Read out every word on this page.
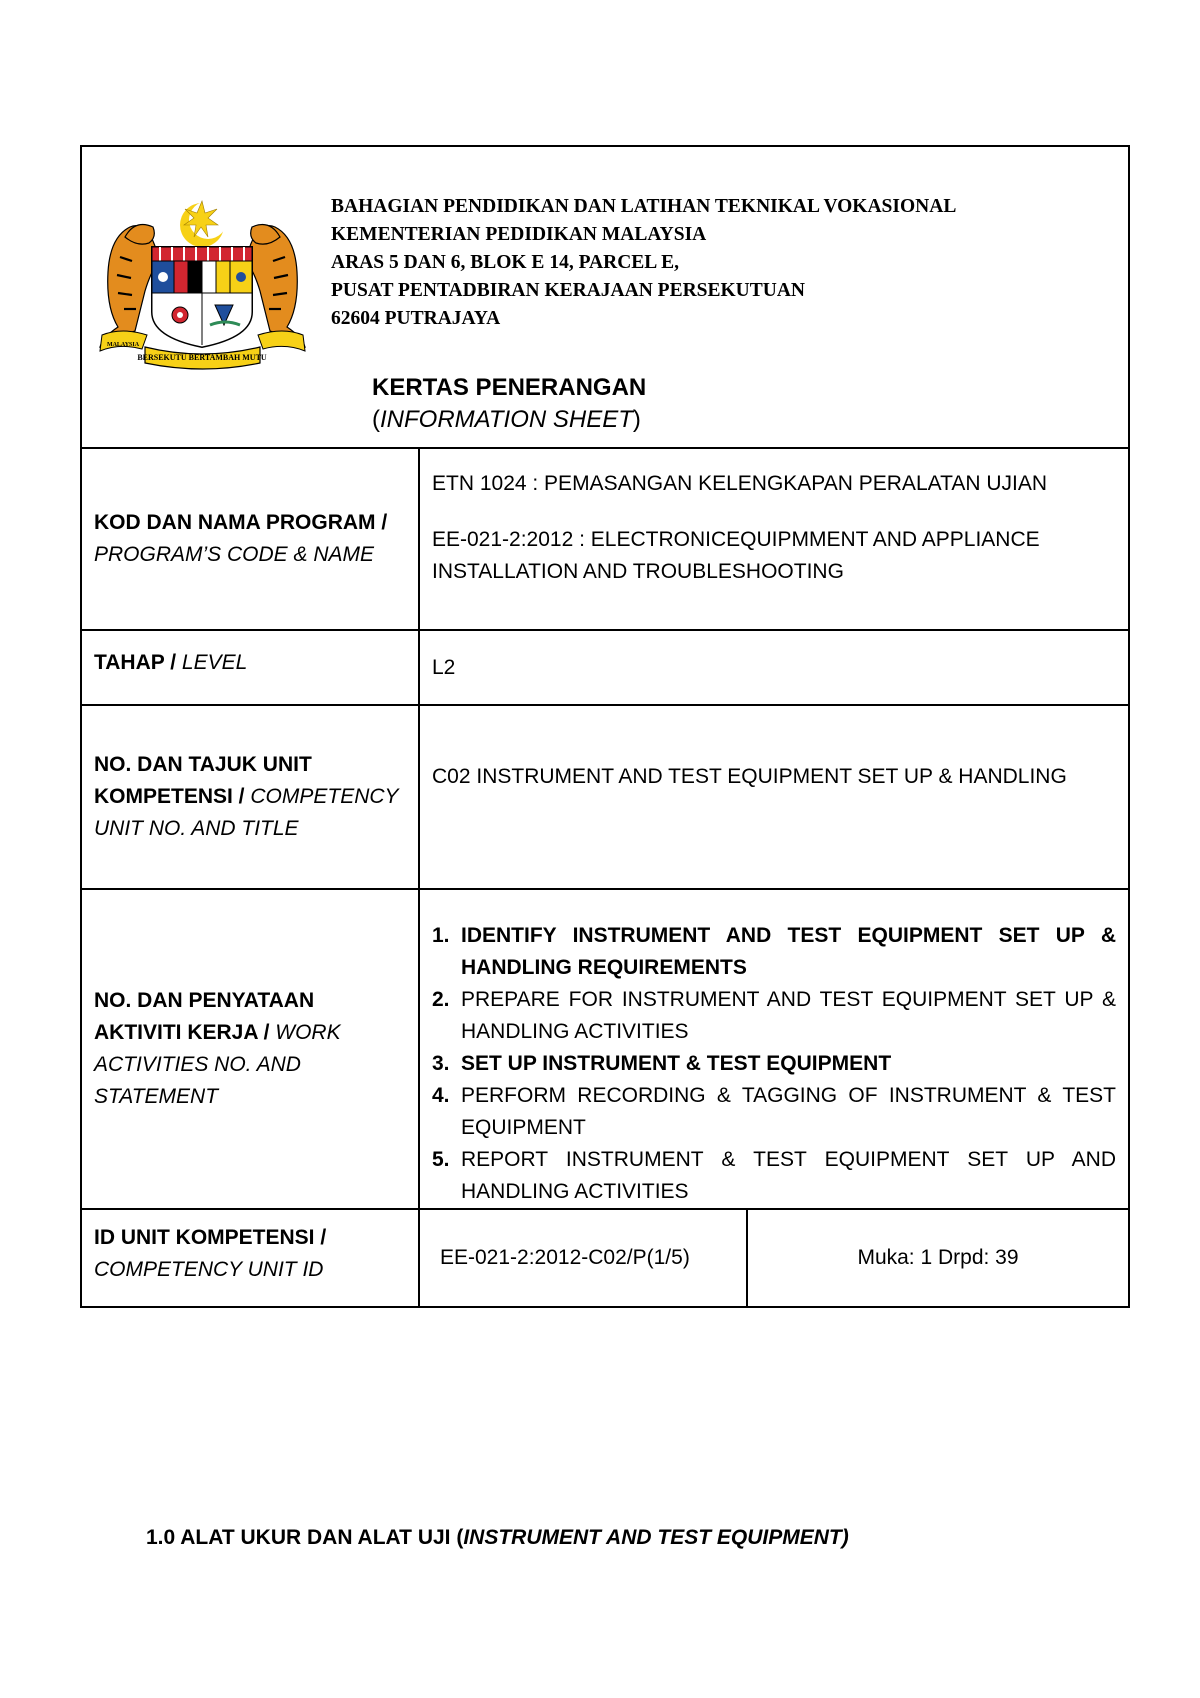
BERSEKUTU BERTAMBAH MUTU
MALAYSIA
BAHAGIAN PENDIDIKAN DAN LATIHAN TEKNIKAL VOKASIONAL
KEMENTERIAN PEDIDIKAN MALAYSIA
ARAS 5 DAN 6, BLOK E 14, PARCEL E,
PUSAT PENTADBIRAN KERAJAAN PERSEKUTUAN
62604 PUTRAJAYA
KERTAS PENERANGAN
(INFORMATION SHEET)
KOD DAN NAMA PROGRAM / PROGRAM’S CODE & NAME
ETN 1024 : PEMASANGAN KELENGKAPAN PERALATAN UJIAN
EE-021-2:2012 : ELECTRONICEQUIPMMENT AND APPLIANCE INSTALLATION AND TROUBLESHOOTING
TAHAP / LEVEL	L2
NO. DAN TAJUK UNIT KOMPETENSI / COMPETENCY UNIT NO. AND TITLE
C02 INSTRUMENT AND TEST EQUIPMENT SET UP & HANDLING
NO. DAN PENYATAAN AKTIVITI KERJA / WORK ACTIVITIES NO. AND STATEMENT
1. IDENTIFY INSTRUMENT AND TEST EQUIPMENT SET UP & HANDLING REQUIREMENTS
2. PREPARE FOR INSTRUMENT AND TEST EQUIPMENT SET UP & HANDLING ACTIVITIES
3. SET UP INSTRUMENT & TEST EQUIPMENT
4. PERFORM RECORDING & TAGGING OF INSTRUMENT & TEST EQUIPMENT
5. REPORT INSTRUMENT & TEST EQUIPMENT SET UP AND HANDLING ACTIVITIES
ID UNIT KOMPETENSI / COMPETENCY UNIT ID
EE-021-2:2012-C02/P(1/5)	Muka: 1 Drpd: 39
1.0 ALAT UKUR DAN ALAT UJI (INSTRUMENT AND TEST EQUIPMENT)
